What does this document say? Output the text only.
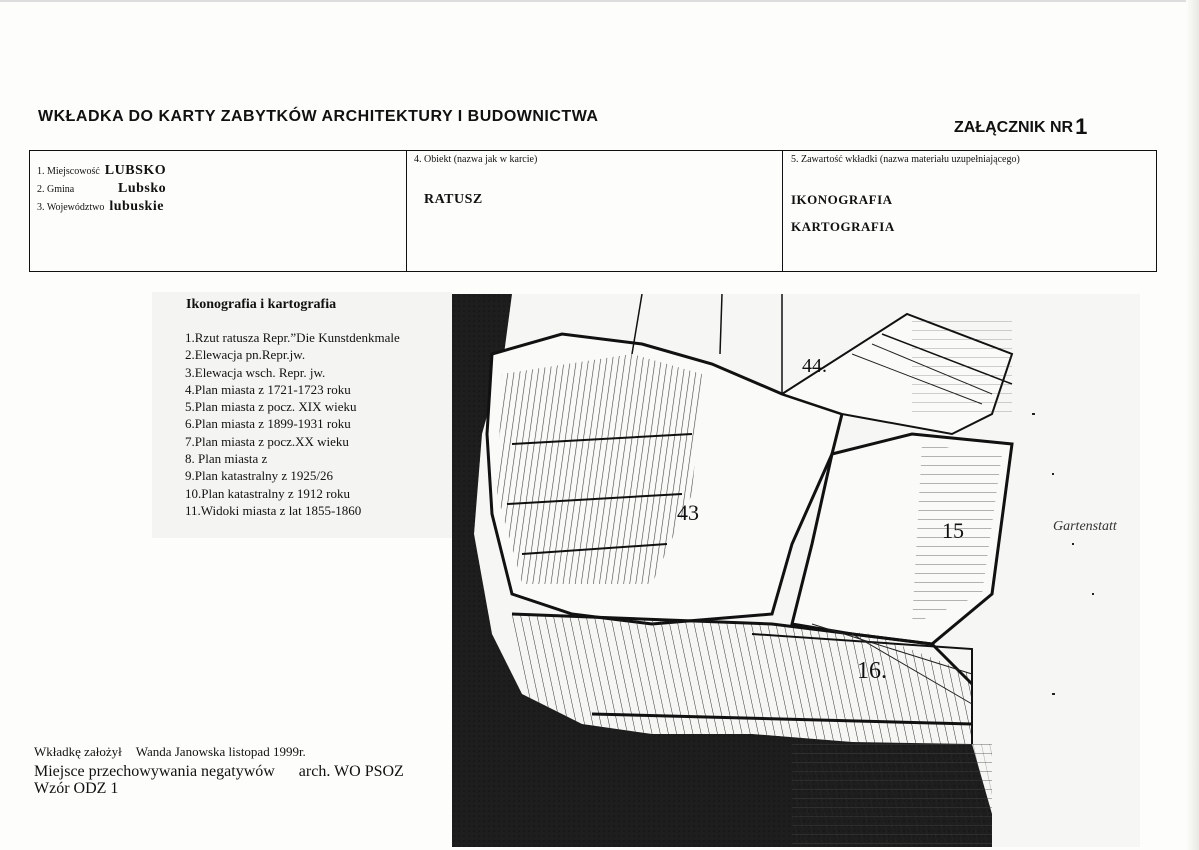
WKŁADKA DO KARTY ZABYTKÓW ARCHITEKTURY I BUDOWNICTWA
ZAŁĄCZNIK NR1
1. Miejscowość LUBSKO
2. Gmina	Lubsko
3. Województwo lubuskie
4. Obiekt (nazwa jak w karcie)
RATUSZ
5. Zawartość wkładki (nazwa materiału uzupełniającego)
IKONOGRAFIA
KARTOGRAFIA
Ikonografia i kartografia
1.Rzut ratusza Repr.”Die Kunstdenkmale
2.Elewacja pn.Repr.jw.
3.Elewacja wsch. Repr. jw.
4.Plan miasta z 1721-1723 roku
5.Plan miasta z pocz. XIX wieku
6.Plan miasta z 1899-1931 roku
7.Plan miasta z pocz.XX wieku
8. Plan miasta z
9.Plan katastralny z 1925/26
10.Plan katastralny z 1912 roku
11.Widoki miasta z lat 1855-1860
44.
43
15
16.
Gartenstatt
Wkładkę założył Wanda Janowska listopad 1999r.
Miejsce przechowywania negatywów arch. WO PSOZ
Wzór ODZ 1
